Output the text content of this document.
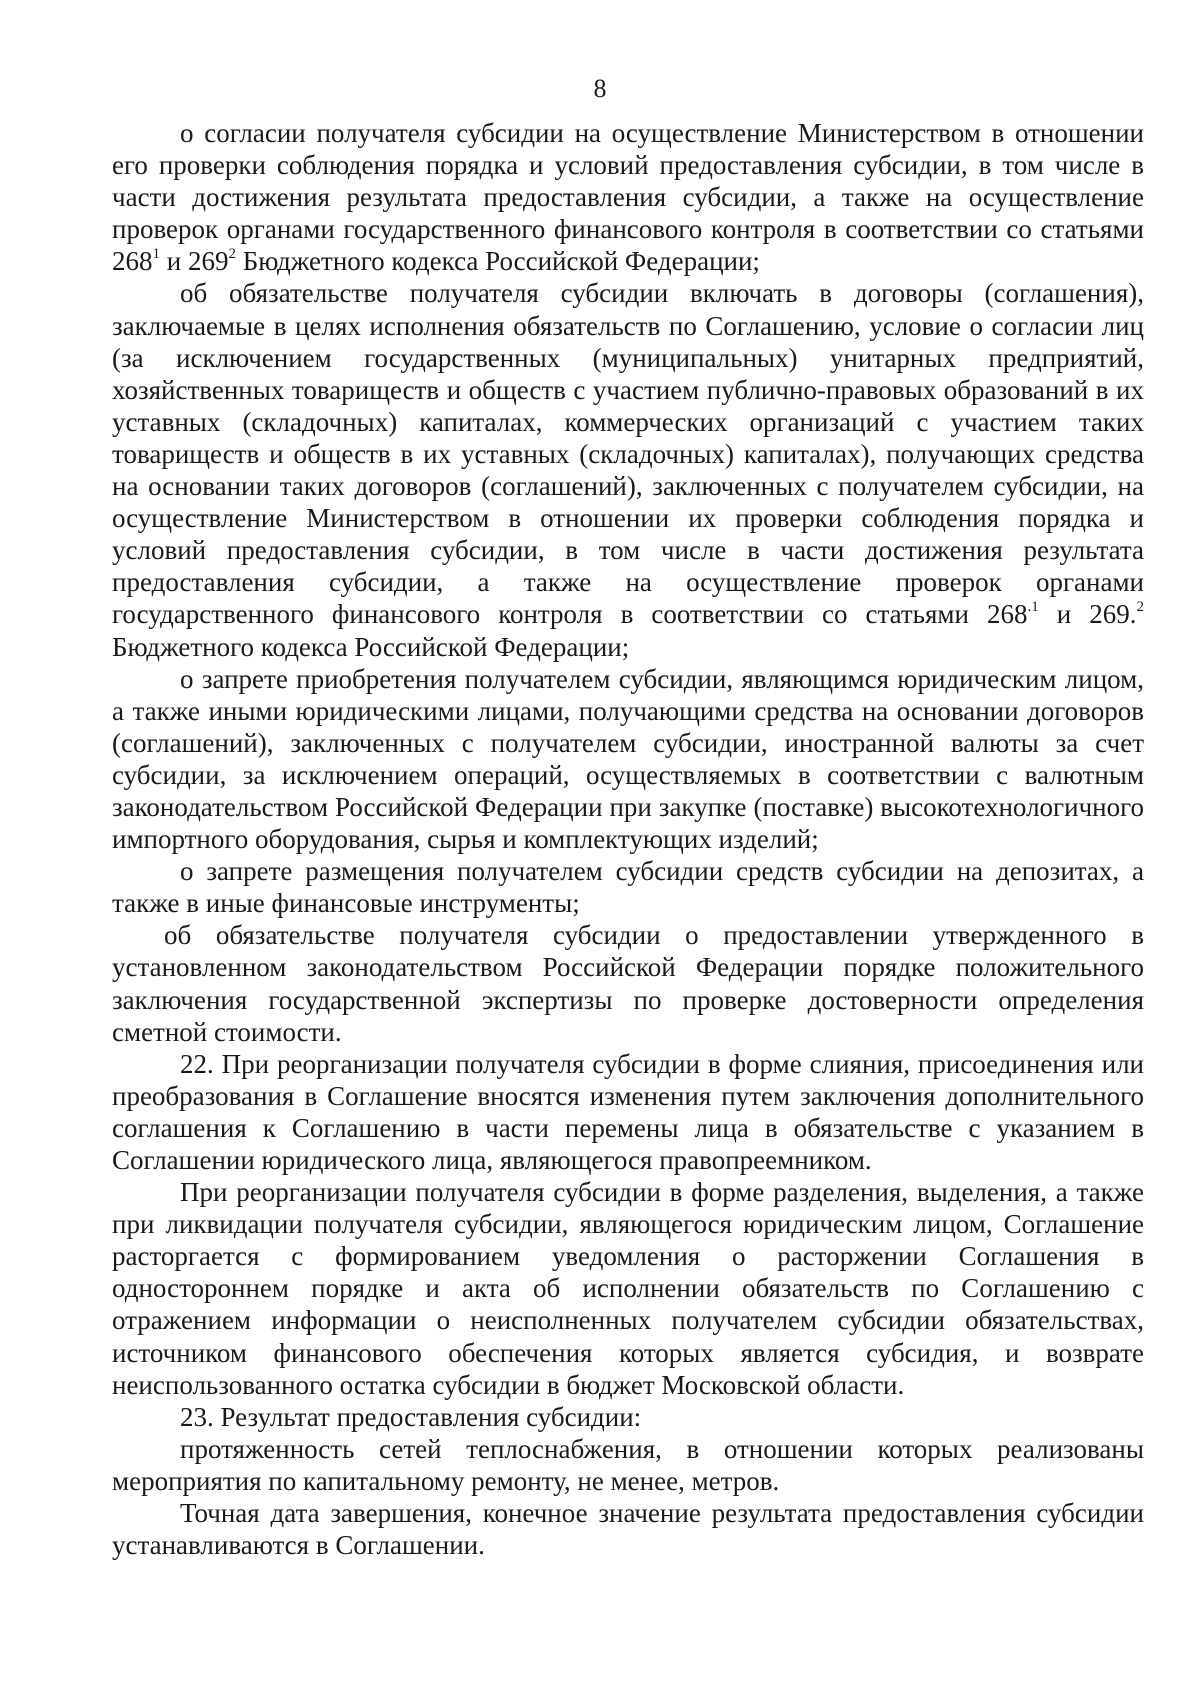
8

о согласии получателя субсидии на осуществление Министерством в отношении его проверки соблюдения порядка и условий предоставления субсидии, в том числе в части достижения результата предоставления субсидии, а также на осуществление проверок органами государственного финансового контроля в соответствии со статьями $268^1$ и $269^2$ Бюджетного кодекса Российской Федерации;

об обязательстве получателя субсидии включать в договоры (соглашения), заключаемые в целях исполнения обязательств по Соглашению, условие о согласии лиц (за исключением государственных (муниципальных) унитарных предприятий, хозяйственных товариществ и обществ с участием публично-правовых образований в их уставных (складочных) капиталах, коммерческих организаций с участием таких товариществ и обществ в их уставных (складочных) капиталах), получающих средства на основании таких договоров (соглашений), заключенных с получателем субсидии, на осуществление Министерством в отношении их проверки соблюдения порядка и условий предоставления субсидии, в том числе в части достижения результата предоставления субсидии, а также на осуществление проверок органами государственного финансового контроля в соответствии со статьями $268^{.1}$ и 269.$^2$ Бюджетного кодекса Российской Федерации;

о запрете приобретения получателем субсидии, являющимся юридическим лицом, а также иными юридическими лицами, получающими средства на основании договоров (соглашений), заключенных с получателем субсидии, иностранной валюты за счет субсидии, за исключением операций, осуществляемых в соответствии с валютным законодательством Российской Федерации при закупке (поставке) высокотехнологичного импортного оборудования, сырья и комплектующих изделий;

о запрете размещения получателем субсидии средств субсидии на депозитах, а также в иные финансовые инструменты;

об обязательстве получателя субсидии о предоставлении утвержденного в установленном законодательством Российской Федерации порядке положительного заключения государственной экспертизы по проверке достоверности определения сметной стоимости.

22. При реорганизации получателя субсидии в форме слияния, присоединения или преобразования в Соглашение вносятся изменения путем заключения дополнительного соглашения к Соглашению в части перемены лица в обязательстве с указанием в Соглашении юридического лица, являющегося правопреемником.

При реорганизации получателя субсидии в форме разделения, выделения, а также при ликвидации получателя субсидии, являющегося юридическим лицом, Соглашение расторгается с формированием уведомления о расторжении Соглашения в одностороннем порядке и акта об исполнении обязательств по Соглашению с отражением информации о неисполненных получателем субсидии обязательствах, источником финансового обеспечения которых является субсидия, и возврате неиспользованного остатка субсидии в бюджет Московской области.

23. Результат предоставления субсидии:

протяженность сетей теплоснабжения, в отношении которых реализованы мероприятия по капитальному ремонту, не менее, метров.

Точная дата завершения, конечное значение результата предоставления субсидии устанавливаются в Соглашении.
